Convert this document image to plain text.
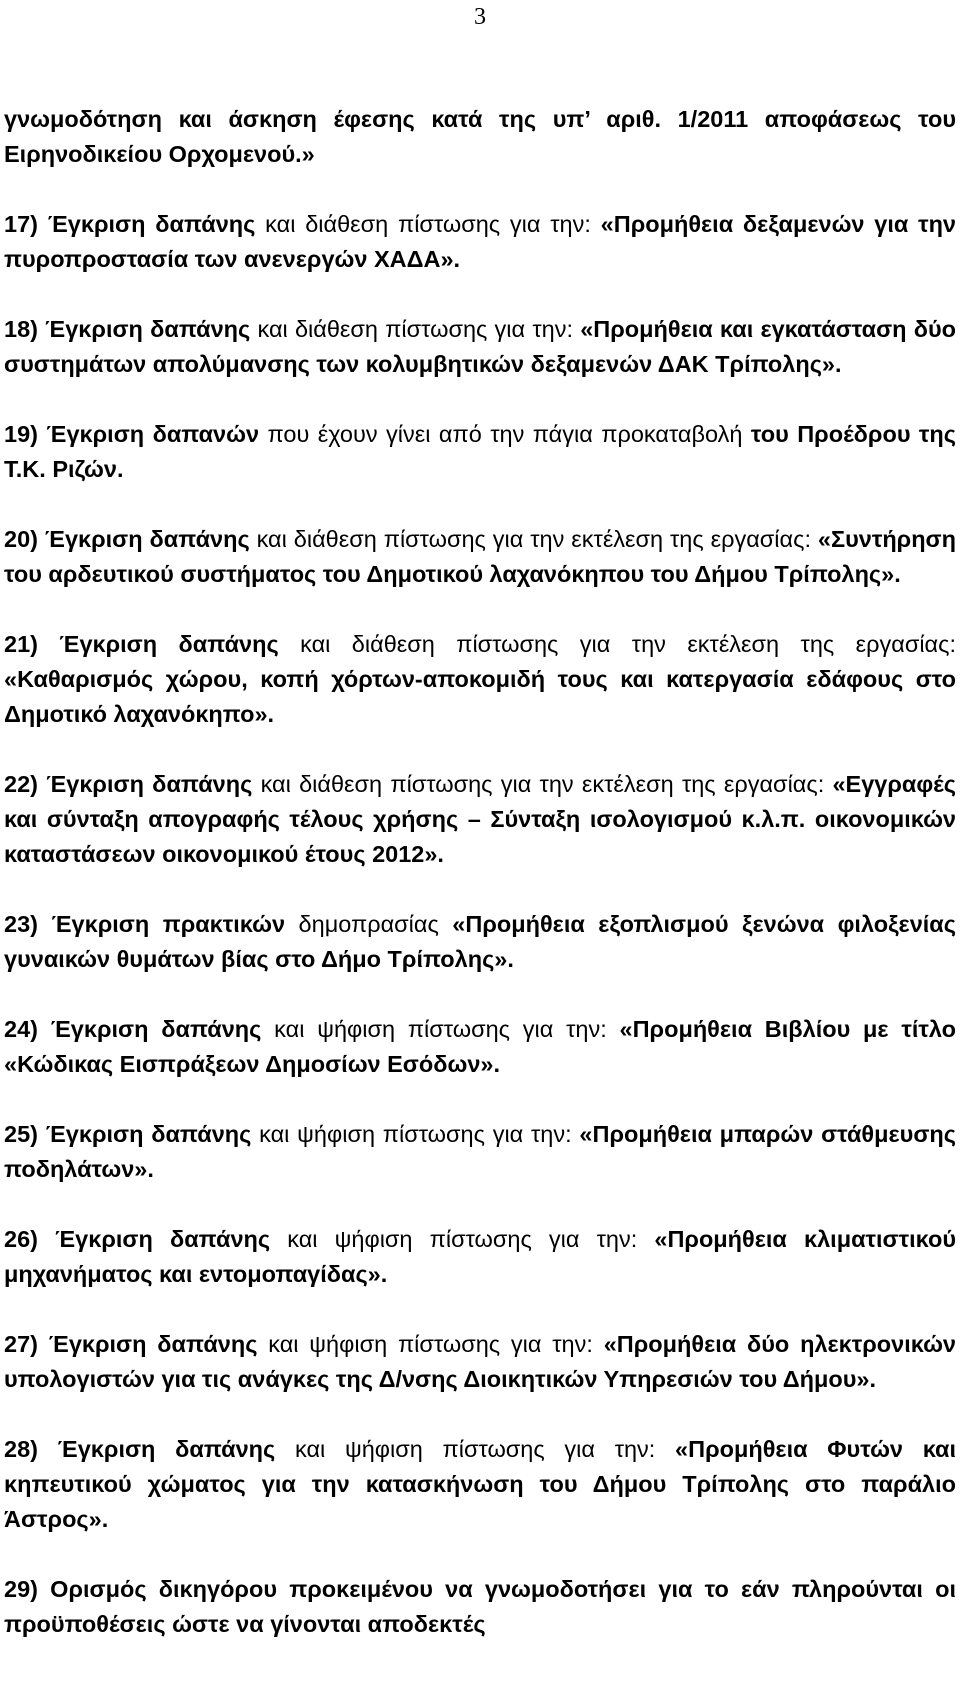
3

γνωμοδότηση και άσκηση έφεσης κατά της υπ’ αριθ. 1/2011 αποφάσεως του Ειρηνοδικείου Ορχομενού.»

17) Έγκριση δαπάνης και διάθεση πίστωσης για την: «Προμήθεια δεξαμενών για την πυροπροστασία των ανενεργών ΧΑΔΑ».

18) Έγκριση δαπάνης και διάθεση πίστωσης για την: «Προμήθεια και εγκατάσταση δύο συστημάτων απολύμανσης των κολυμβητικών δεξαμενών ΔΑΚ Τρίπολης».

19) Έγκριση δαπανών που έχουν γίνει από την πάγια προκαταβολή του Προέδρου της Τ.Κ. Ριζών.

20) Έγκριση δαπάνης και διάθεση πίστωσης για την εκτέλεση της εργασίας: «Συντήρηση του αρδευτικού συστήματος του Δημοτικού λαχανόκηπου του Δήμου Τρίπολης».

21) Έγκριση δαπάνης και διάθεση πίστωσης για την εκτέλεση της εργασίας: «Καθαρισμός χώρου, κοπή χόρτων-αποκομιδή τους και κατεργασία εδάφους στο Δημοτικό λαχανόκηπο».

22) Έγκριση δαπάνης και διάθεση πίστωσης για την εκτέλεση της εργασίας: «Εγγραφές και σύνταξη απογραφής τέλους χρήσης – Σύνταξη ισολογισμού κ.λ.π. οικονομικών καταστάσεων οικονομικού έτους 2012».

23) Έγκριση πρακτικών δημοπρασίας «Προμήθεια εξοπλισμού ξενώνα φιλοξενίας γυναικών θυμάτων βίας στο Δήμο Τρίπολης».

24) Έγκριση δαπάνης και ψήφιση πίστωσης για την: «Προμήθεια Βιβλίου με τίτλο «Κώδικας Εισπράξεων Δημοσίων Εσόδων».

25) Έγκριση δαπάνης και ψήφιση πίστωσης για την: «Προμήθεια μπαρών στάθμευσης ποδηλάτων».

26) Έγκριση δαπάνης και ψήφιση πίστωσης για την: «Προμήθεια κλιματιστικού μηχανήματος και εντομοπαγίδας».

27) Έγκριση δαπάνης και ψήφιση πίστωσης για την: «Προμήθεια δύο ηλεκτρονικών υπολογιστών για τις ανάγκες της Δ/νσης Διοικητικών Υπηρεσιών του Δήμου».

28) Έγκριση δαπάνης και ψήφιση πίστωσης για την: «Προμήθεια Φυτών και κηπευτικού χώματος για την κατασκήνωση του Δήμου Τρίπολης στο παράλιο Άστρος».

29) Ορισμός δικηγόρου προκειμένου να γνωμοδοτήσει για το εάν πληρούνται οι προϋποθέσεις ώστε να γίνονται αποδεκτές
